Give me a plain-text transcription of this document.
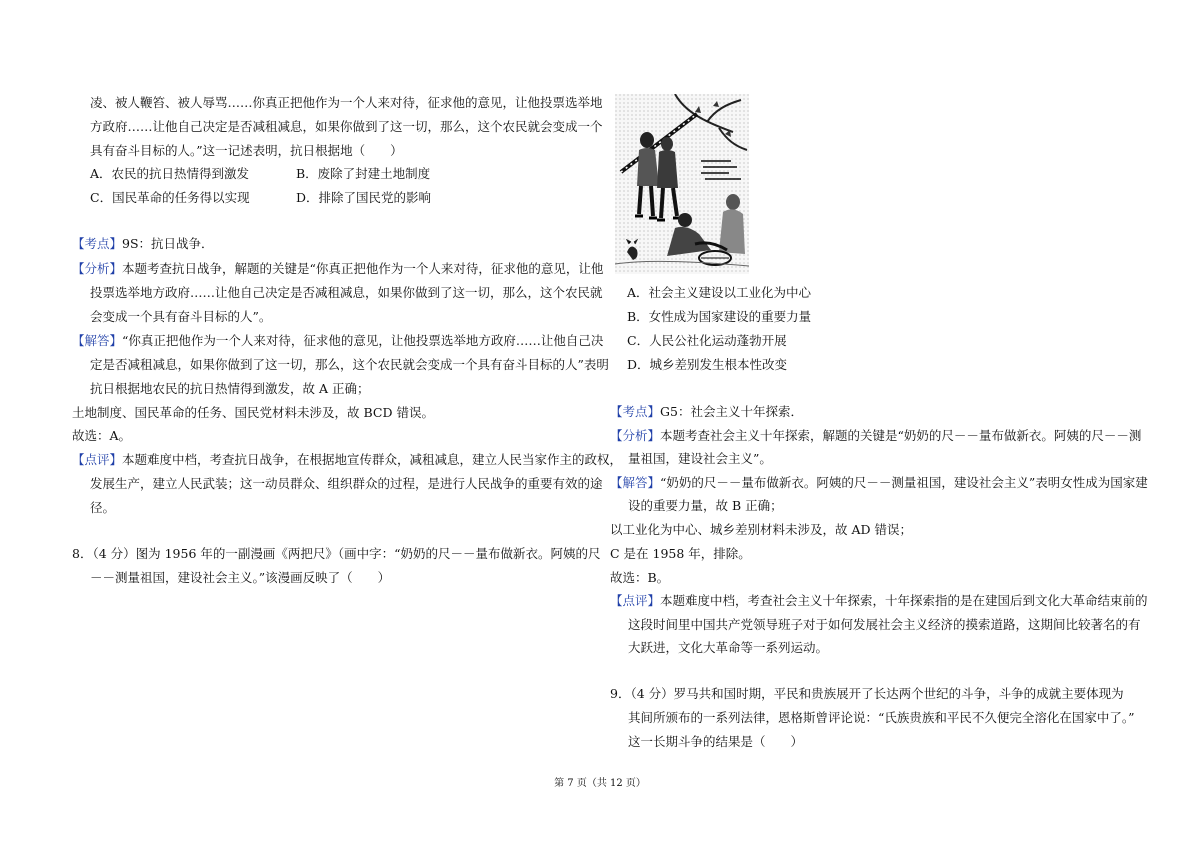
凌、被人鞭笞、被人辱骂……你真正把他作为一个人来对待，征求他的意见，让他投票选举地
方政府……让他自己决定是否减租减息，如果你做到了这一切，那么，这个农民就会变成一个
具有奋斗目标的人。”这一记述表明，抗日根据地（　　）
A．农民的抗日热情得到激发	B．废除了封建土地制度
C．国民革命的任务得以实现	D．排除了国民党的影响
【考点】9S：抗日战争．
【分析】本题考查抗日战争，解题的关键是“你真正把他作为一个人来对待，征求他的意见，让他
投票选举地方政府……让他自己决定是否减租减息，如果你做到了这一切，那么，这个农民就
会变成一个具有奋斗目标的人”。
【解答】“你真正把他作为一个人来对待，征求他的意见，让他投票选举地方政府……让他自己决
定是否减租减息，如果你做到了这一切，那么，这个农民就会变成一个具有奋斗目标的人”表明
抗日根据地农民的抗日热情得到激发，故 A 正确；
土地制度、国民革命的任务、国民党材料未涉及，故 BCD 错误。
故选：A。
【点评】本题难度中档，考查抗日战争，在根据地宣传群众，减租减息，建立人民当家作主的政权，
发展生产，建立人民武装；这一动员群众、组织群众的过程，是进行人民战争的重要有效的途
径。
8．（4 分）图为 1956 年的一副漫画《两把尺》（画中字：“奶奶的尺－－量布做新衣。阿姨的尺
－－测量祖国，建设社会主义。”该漫画反映了（　　）
A．社会主义建设以工业化为中心
B．女性成为国家建设的重要力量
C．人民公社化运动蓬勃开展
D．城乡差别发生根本性改变
【考点】G5：社会主义十年探索．
【分析】本题考查社会主义十年探索，解题的关键是“奶奶的尺－－量布做新衣。阿姨的尺－－测
量祖国，建设社会主义”。
【解答】“奶奶的尺－－量布做新衣。阿姨的尺－－测量祖国，建设社会主义”表明女性成为国家建
设的重要力量，故 B 正确；
以工业化为中心、城乡差别材料未涉及，故 AD 错误；
C 是在 1958 年，排除。
故选：B。
【点评】本题难度中档，考查社会主义十年探索，十年探索指的是在建国后到文化大革命结束前的
这段时间里中国共产党领导班子对于如何发展社会主义经济的摸索道路，这期间比较著名的有
大跃进，文化大革命等一系列运动。
9．（4 分）罗马共和国时期，平民和贵族展开了长达两个世纪的斗争，斗争的成就主要体现为
其间所颁布的一系列法律，恩格斯曾评论说：“氏族贵族和平民不久便完全溶化在国家中了。”
这一长期斗争的结果是（　　）
第 7 页（共 12 页）
